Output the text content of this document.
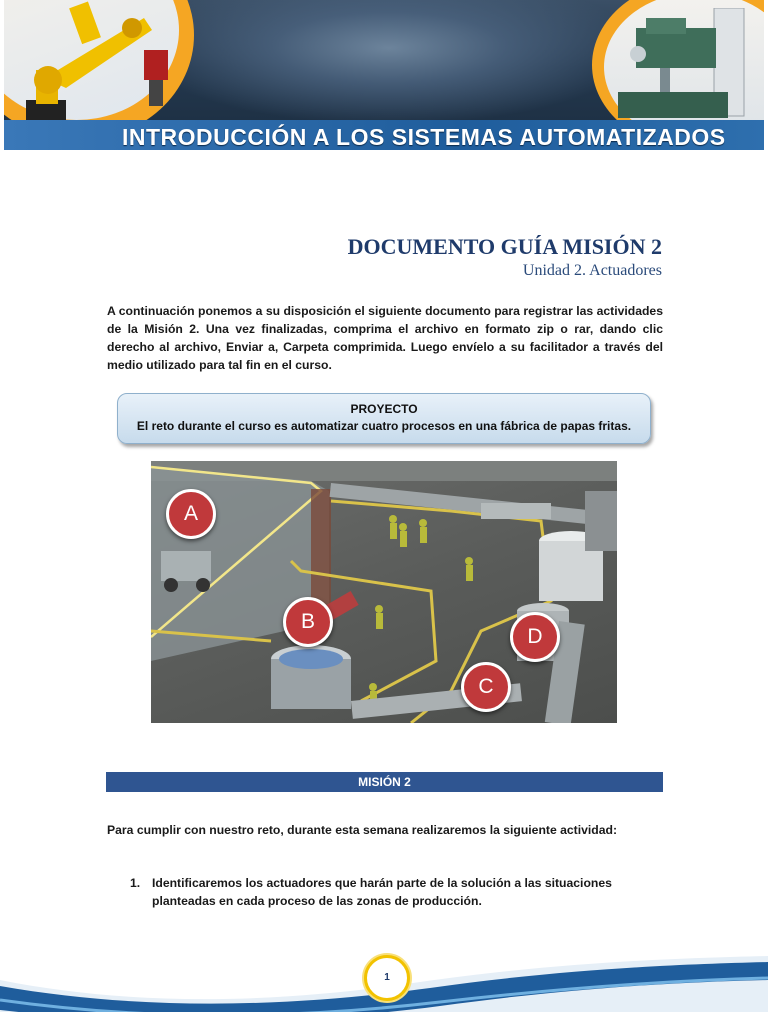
INTRODUCCIÓN A LOS SISTEMAS AUTOMATIZADOS
DOCUMENTO GUÍA MISIÓN 2
Unidad 2. Actuadores
A continuación ponemos a su disposición el siguiente documento para registrar las actividades de la Misión 2. Una vez finalizadas, comprima el archivo en formato zip o rar, dando clic derecho al archivo, Enviar a, Carpeta comprimida. Luego envíelo a su facilitador a través del medio utilizado para tal fin en el curso.
PROYECTO
El reto durante el curso es automatizar cuatro procesos en una fábrica de papas fritas.
A
B
C
D
MISIÓN 2
Para cumplir con nuestro reto, durante esta semana realizaremos la siguiente actividad:
1. Identificaremos los actuadores que harán parte de la solución a las situaciones planteadas en cada proceso de las zonas de producción.
1
